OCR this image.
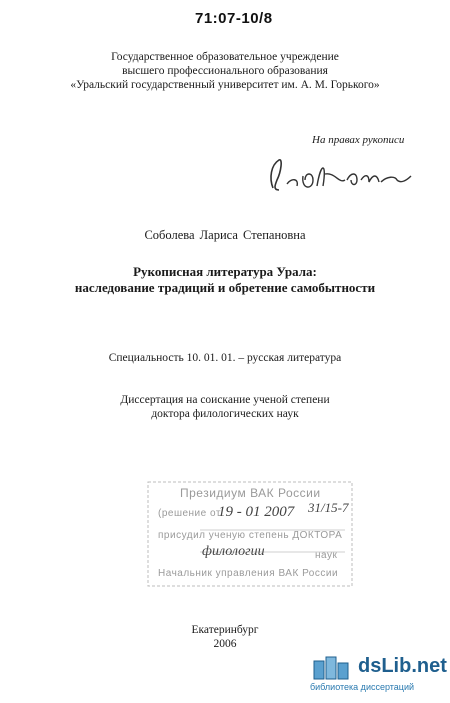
71:07-10/8
Государственное образовательное учреждение
высшего профессионального образования
«Уральский государственный университет им. А. М. Горького»
На правах рукописи
Соболева Лариса Степановна
Рукописная литература Урала:
наследование традиций и обретение самобытности
Специальность 10. 01. 01. – русская литература
Диссертация на соискание ученой степени
доктора филологических наук
Президиум ВАК России
(решение от
присудил ученую степень ДОКТОРА
наук
Начальник управления ВАК России
19 - 01 2007 31/15-7
филологии
Екатеринбург
2006
dsLib.net
библиотека диссертаций
